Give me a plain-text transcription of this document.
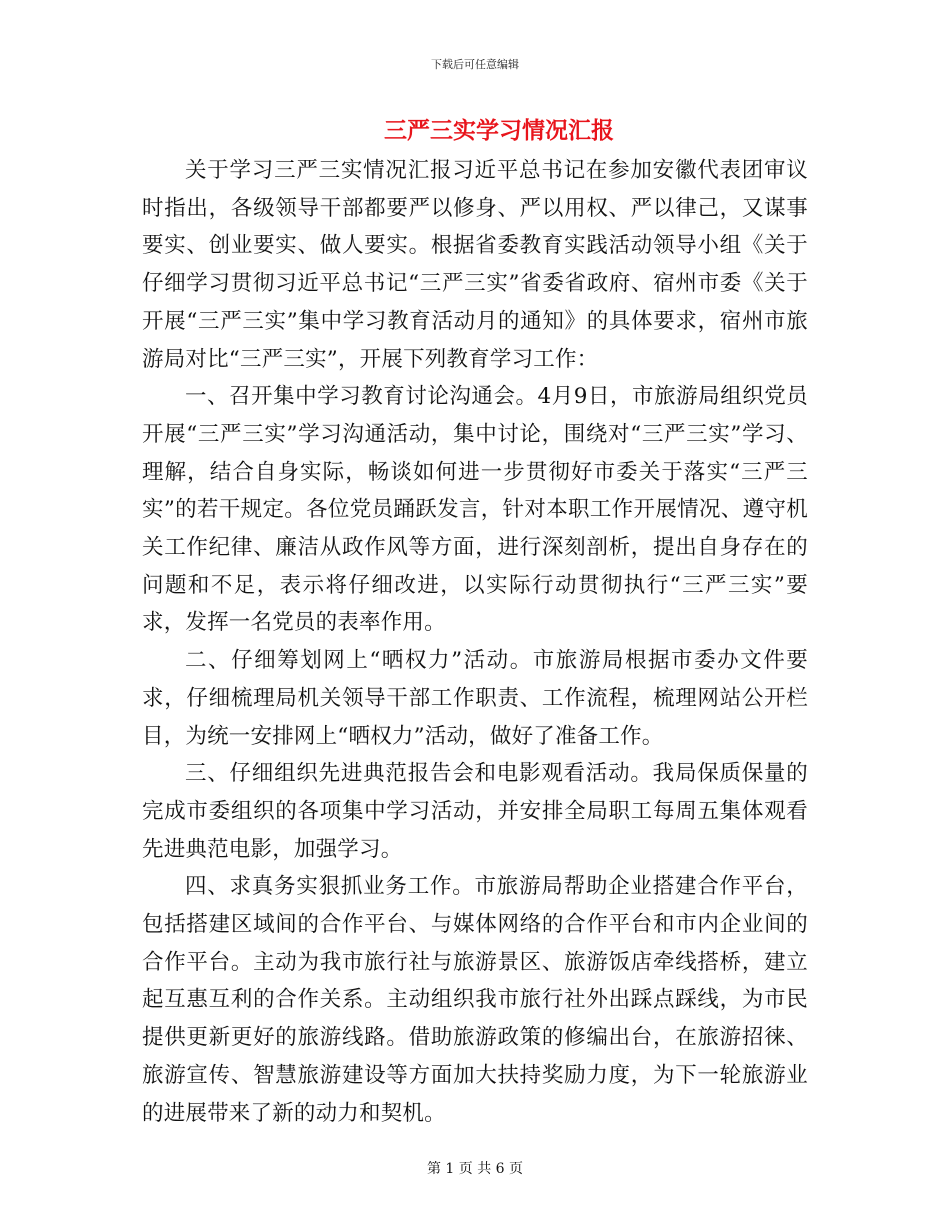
下载后可任意编辑
三严三实学习情况汇报

关于学习三严三实情况汇报习近平总书记在参加安徽代表团审议时指出，各级领导干部都要严以修身、严以用权、严以律己，又谋事要实、创业要实、做人要实。根据省委教育实践活动领导小组《关于仔细学习贯彻习近平总书记“三严三实”省委省政府、宿州市委《关于开展“三严三实”集中学习教育活动月的通知》的具体要求，宿州市旅游局对比“三严三实”，开展下列教育学习工作：

一、召开集中学习教育讨论沟通会。4月9日，市旅游局组织党员开展“三严三实”学习沟通活动，集中讨论，围绕对“三严三实”学习、理解，结合自身实际，畅谈如何进一步贯彻好市委关于落实“三严三实”的若干规定。各位党员踊跃发言，针对本职工作开展情况、遵守机关工作纪律、廉洁从政作风等方面，进行深刻剖析，提出自身存在的问题和不足，表示将仔细改进，以实际行动贯彻执行“三严三实”要求，发挥一名党员的表率作用。

二、仔细筹划网上“晒权力”活动。市旅游局根据市委办文件要求，仔细梳理局机关领导干部工作职责、工作流程，梳理网站公开栏目，为统一安排网上“晒权力”活动，做好了准备工作。

三、仔细组织先进典范报告会和电影观看活动。我局保质保量的完成市委组织的各项集中学习活动，并安排全局职工每周五集体观看先进典范电影，加强学习。

四、求真务实狠抓业务工作。市旅游局帮助企业搭建合作平台，包括搭建区域间的合作平台、与媒体网络的合作平台和市内企业间的合作平台。主动为我市旅行社与旅游景区、旅游饭店牵线搭桥，建立起互惠互利的合作关系。主动组织我市旅行社外出踩点踩线，为市民提供更新更好的旅游线路。借助旅游政策的修编出台，在旅游招徕、旅游宣传、智慧旅游建设等方面加大扶持奖励力度，为下一轮旅游业的进展带来了新的动力和契机。

第 1 页 共 6 页
